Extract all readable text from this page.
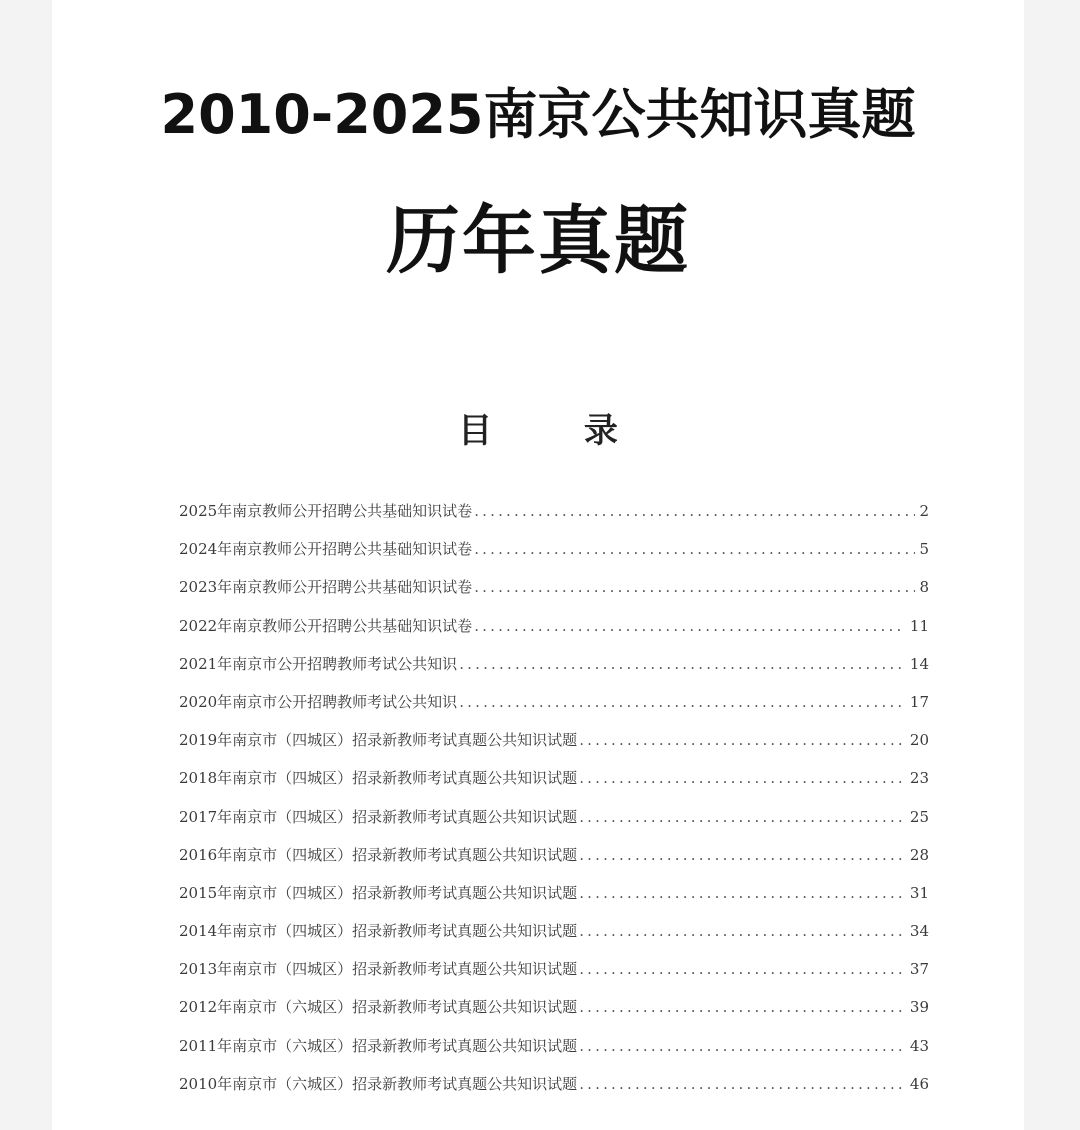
2010-2025南京公共知识真题
历年真题
目 录
2025年南京教师公开招聘公共基础知识试卷 .....	2
2024年南京教师公开招聘公共基础知识试卷 .....	5
2023年南京教师公开招聘公共基础知识试卷 .....	8
2022年南京教师公开招聘公共基础知识试卷 .....	11
2021年南京市公开招聘教师考试公共知识 .....	14
2020年南京市公开招聘教师考试公共知识 .....	17
2019年南京市（四城区）招录新教师考试真题公共知识试题 .....	20
2018年南京市（四城区）招录新教师考试真题公共知识试题 .....	23
2017年南京市（四城区）招录新教师考试真题公共知识试题 .....	25
2016年南京市（四城区）招录新教师考试真题公共知识试题 .....	28
2015年南京市（四城区）招录新教师考试真题公共知识试题 .....	31
2014年南京市（四城区）招录新教师考试真题公共知识试题 .....	34
2013年南京市（四城区）招录新教师考试真题公共知识试题 .....	37
2012年南京市（六城区）招录新教师考试真题公共知识试题 .....	39
2011年南京市（六城区）招录新教师考试真题公共知识试题 .....	43
2010年南京市（六城区）招录新教师考试真题公共知识试题 .....	46
